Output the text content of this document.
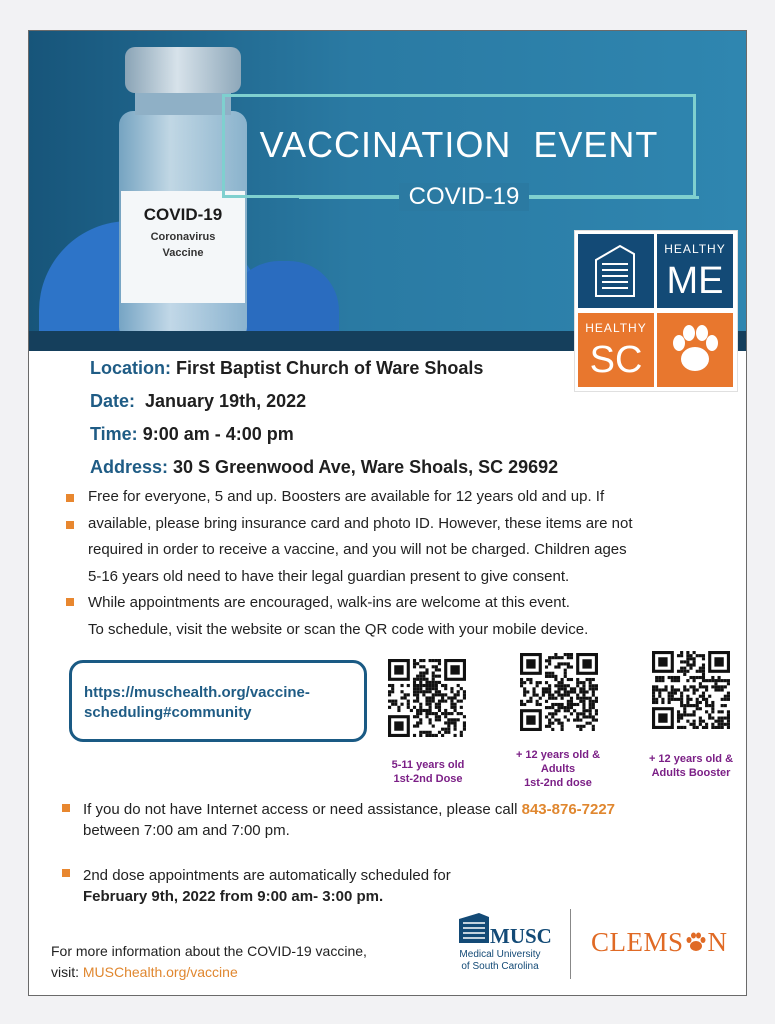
COVID-19
Coronavirus
Vaccine
VACCINATION  EVENT
COVID-19
HEALTHY
ME
HEALTHY
SC
Location: First Baptist Church of Ware Shoals
Date:  January 19th, 2022
Time: 9:00 am - 4:00 pm
Address: 30 S Greenwood Ave, Ware Shoals, SC 29692
Free for everyone, 5 and up. Boosters are available for 12 years old and up. If
available, please bring insurance card and photo ID. However, these items are not
required in order to receive a vaccine, and you will not be charged. Children ages
5-16 years old need to have their legal guardian present to give consent.
While appointments are encouraged, walk-ins are welcome at this event.
To schedule, visit the website or scan the QR code with your mobile device.
https://muschealth.org/vaccine-
scheduling#community
5-11 years old
1st-2nd Dose
+ 12 years old &
Adults
1st-2nd dose
+ 12 years old &
Adults Booster
If you do not have Internet access or need assistance, please call 843-876-7227
between 7:00 am and 7:00 pm.
2nd dose appointments are automatically scheduled for
February 9th, 2022 from 9:00 am- 3:00 pm.
For more information about the COVID-19 vaccine,
visit: MUSChealth.org/vaccine
MUSC
Medical University
of South Carolina
CLEMS N
